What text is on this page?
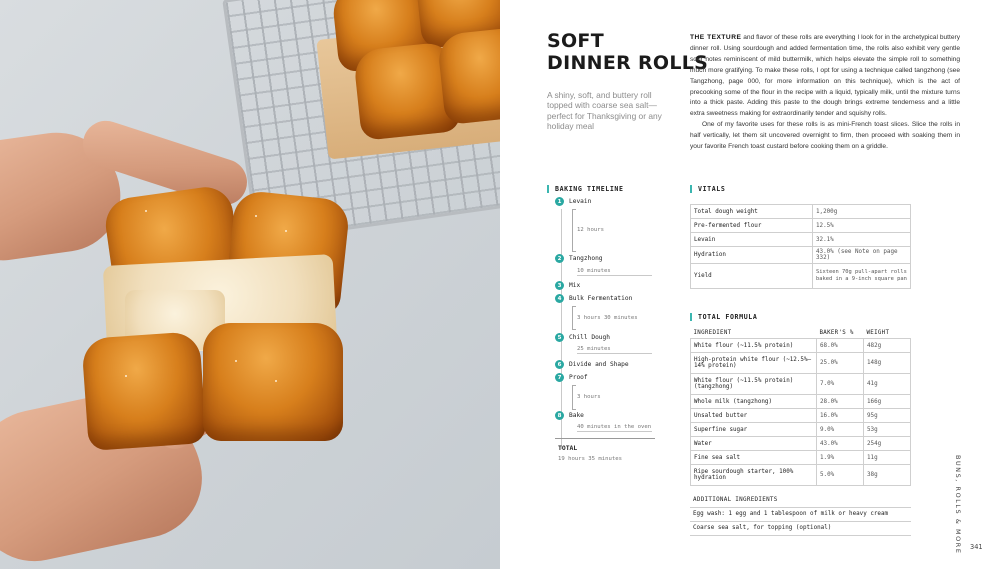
SOFT
DINNER ROLLS
A shiny, soft, and buttery roll topped with coarse sea salt—perfect for Thanksgiving or any holiday meal

THE TEXTURE and flavor of these rolls are everything I look for in the archetypical buttery dinner roll. Using sourdough and added fermentation time, the rolls also exhibit very gentle sour notes reminiscent of mild buttermilk, which helps elevate the simple roll to something much more gratifying. To make these rolls, I opt for using a technique called tangzhong (see Tangzhong, page 000, for more information on this technique), which is the act of precooking some of the flour in the recipe with a liquid, typically milk, until the mixture turns into a thick paste. Adding this paste to the dough brings extreme tenderness and a little extra sweetness making for extraordinarily tender and squishy rolls.

One of my favorite uses for these rolls is as mini-French toast slices. Slice the rolls in half vertically, let them sit uncovered overnight to firm, then proceed with soaking them in your favorite French toast custard before cooking them on a griddle.

BAKING TIMELINE
1	Levain
12 hours
2	Tangzhong
10 minutes
3	Mix
4	Bulk Fermentation
3 hours 30 minutes
5	Chill Dough
25 minutes
6	Divide and Shape
7	Proof
3 hours
8	Bake
40 minutes in the oven
TOTAL
19 hours 35 minutes
VITALS
Total dough weight	1,200g
Pre-fermented flour	12.5%
Levain	32.1%
Hydration	43.0% (see Note on page 332)
Yield	Sixteen 70g pull-apart rolls baked in a 9-inch square pan
TOTAL FORMULA
INGREDIENT	BAKER'S %	WEIGHT
White flour (~11.5% protein)	68.0%	482g
High-protein white flour (~12.5%–14% protein)	25.0%	148g
White flour (~11.5% protein) (tangzhong)	7.0%	41g
Whole milk (tangzhong)	28.0%	166g
Unsalted butter	16.0%	95g
Superfine sugar	9.0%	53g
Water	43.0%	254g
Fine sea salt	1.9%	11g
Ripe sourdough starter, 100% hydration	5.0%	38g
ADDITIONAL INGREDIENTS
Egg wash: 1 egg and 1 tablespoon of milk or heavy cream
Coarse sea salt, for topping (optional)	BUNS, ROLLS & MORE 341
